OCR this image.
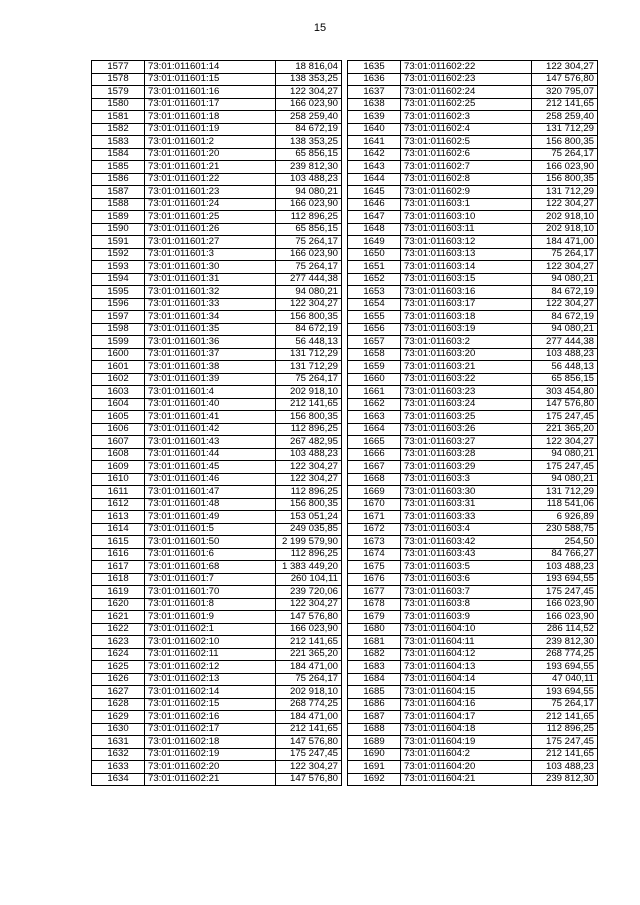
15
1577	73:01:011601:14	18 816,04
1578	73:01:011601:15	138 353,25
1579	73:01:011601:16	122 304,27
1580	73:01:011601:17	166 023,90
1581	73:01:011601:18	258 259,40
1582	73:01:011601:19	84 672,19
1583	73:01:011601:2	138 353,25
1584	73:01:011601:20	65 856,15
1585	73:01:011601:21	239 812,30
1586	73:01:011601:22	103 488,23
1587	73:01:011601:23	94 080,21
1588	73:01:011601:24	166 023,90
1589	73:01:011601:25	112 896,25
1590	73:01:011601:26	65 856,15
1591	73:01:011601:27	75 264,17
1592	73:01:011601:3	166 023,90
1593	73:01:011601:30	75 264,17
1594	73:01:011601:31	277 444,38
1595	73:01:011601:32	94 080,21
1596	73:01:011601:33	122 304,27
1597	73:01:011601:34	156 800,35
1598	73:01:011601:35	84 672,19
1599	73:01:011601:36	56 448,13
1600	73:01:011601:37	131 712,29
1601	73:01:011601:38	131 712,29
1602	73:01:011601:39	75 264,17
1603	73:01:011601:4	202 918,10
1604	73:01:011601:40	212 141,65
1605	73:01:011601:41	156 800,35
1606	73:01:011601:42	112 896,25
1607	73:01:011601:43	267 482,95
1608	73:01:011601:44	103 488,23
1609	73:01:011601:45	122 304,27
1610	73:01:011601:46	122 304,27
1611	73:01:011601:47	112 896,25
1612	73:01:011601:48	156 800,35
1613	73:01:011601:49	153 051,24
1614	73:01:011601:5	249 035,85
1615	73:01:011601:50	2 199 579,90
1616	73:01:011601:6	112 896,25
1617	73:01:011601:68	1 383 449,20
1618	73:01:011601:7	260 104,11
1619	73:01:011601:70	239 720,06
1620	73:01:011601:8	122 304,27
1621	73:01:011601:9	147 576,80
1622	73:01:011602:1	166 023,90
1623	73:01:011602:10	212 141,65
1624	73:01:011602:11	221 365,20
1625	73:01:011602:12	184 471,00
1626	73:01:011602:13	75 264,17
1627	73:01:011602:14	202 918,10
1628	73:01:011602:15	268 774,25
1629	73:01:011602:16	184 471,00
1630	73:01:011602:17	212 141,65
1631	73:01:011602:18	147 576,80
1632	73:01:011602:19	175 247,45
1633	73:01:011602:20	122 304,27
1634	73:01:011602:21	147 576,80
1635	73:01:011602:22	122 304,27
1636	73:01:011602:23	147 576,80
1637	73:01:011602:24	320 795,07
1638	73:01:011602:25	212 141,65
1639	73:01:011602:3	258 259,40
1640	73:01:011602:4	131 712,29
1641	73:01:011602:5	156 800,35
1642	73:01:011602:6	75 264,17
1643	73:01:011602:7	166 023,90
1644	73:01:011602:8	156 800,35
1645	73:01:011602:9	131 712,29
1646	73:01:011603:1	122 304,27
1647	73:01:011603:10	202 918,10
1648	73:01:011603:11	202 918,10
1649	73:01:011603:12	184 471,00
1650	73:01:011603:13	75 264,17
1651	73:01:011603:14	122 304,27
1652	73:01:011603:15	94 080,21
1653	73:01:011603:16	84 672,19
1654	73:01:011603:17	122 304,27
1655	73:01:011603:18	84 672,19
1656	73:01:011603:19	94 080,21
1657	73:01:011603:2	277 444,38
1658	73:01:011603:20	103 488,23
1659	73:01:011603:21	56 448,13
1660	73:01:011603:22	65 856,15
1661	73:01:011603:23	303 454,80
1662	73:01:011603:24	147 576,80
1663	73:01:011603:25	175 247,45
1664	73:01:011603:26	221 365,20
1665	73:01:011603:27	122 304,27
1666	73:01:011603:28	94 080,21
1667	73:01:011603:29	175 247,45
1668	73:01:011603:3	94 080,21
1669	73:01:011603:30	131 712,29
1670	73:01:011603:31	118 541,06
1671	73:01:011603:33	6 926,89
1672	73:01:011603:4	230 588,75
1673	73:01:011603:42	254,50
1674	73:01:011603:43	84 766,27
1675	73:01:011603:5	103 488,23
1676	73:01:011603:6	193 694,55
1677	73:01:011603:7	175 247,45
1678	73:01:011603:8	166 023,90
1679	73:01:011603:9	166 023,90
1680	73:01:011604:10	286 114,52
1681	73:01:011604:11	239 812,30
1682	73:01:011604:12	268 774,25
1683	73:01:011604:13	193 694,55
1684	73:01:011604:14	47 040,11
1685	73:01:011604:15	193 694,55
1686	73:01:011604:16	75 264,17
1687	73:01:011604:17	212 141,65
1688	73:01:011604:18	112 896,25
1689	73:01:011604:19	175 247,45
1690	73:01:011604:2	212 141,65
1691	73:01:011604:20	103 488,23
1692	73:01:011604:21	239 812,30
